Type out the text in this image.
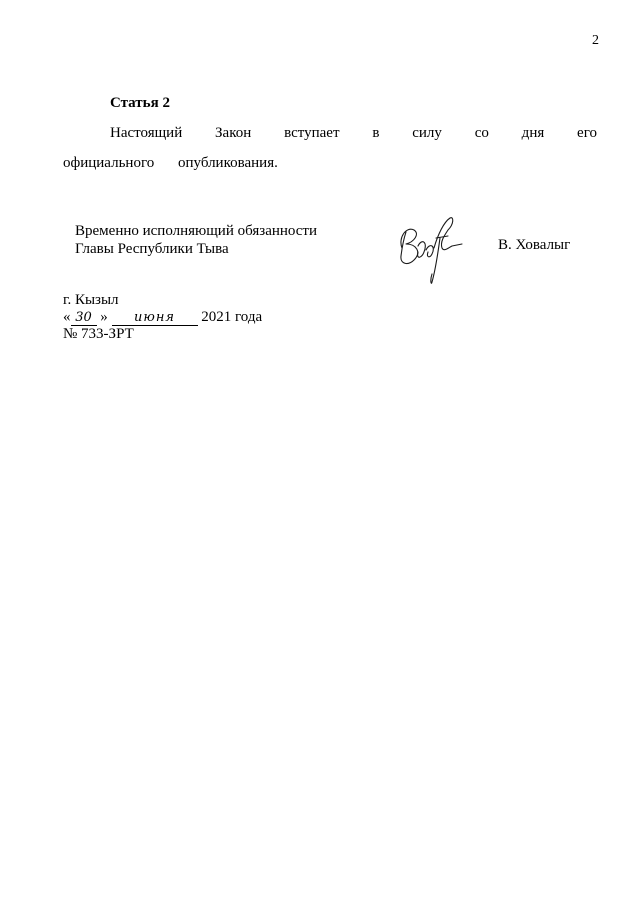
2
Статья 2
Настоящий Закон вступает в силу со дня его официального опубликования.
Временно исполняющий обязанности
Главы Республики Тыва	В. Ховалыг
г. Кызыл
« 30 » июня 2021 года
№ 733-ЗРТ
